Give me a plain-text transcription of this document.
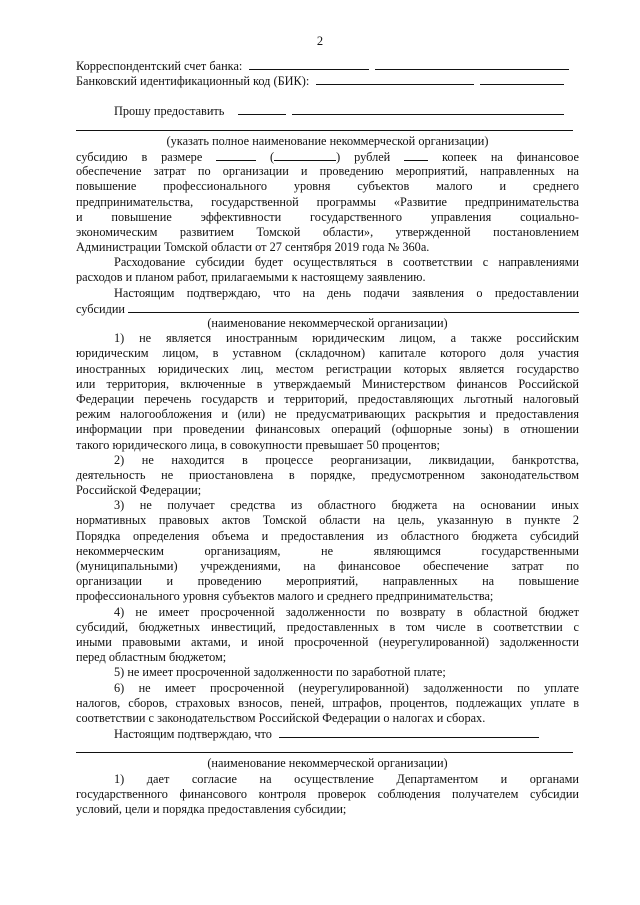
2
Корреспондентский счет банка:
Банковский идентификационный код (БИК):
Прошу предоставить
(указать полное наименование некоммерческой организации)
субсидию в размере	(	) рублей	копеек на финансовое
обеспечение затрат по организации и проведению мероприятий, направленных на
повышение профессионального уровня субъектов малого и среднего
предпринимательства, государственной программы «Развитие предпринимательства
и повышение эффективности государственного управления социально-
экономическим развитием Томской области», утвержденной постановлением
Администрации Томской области от 27 сентября 2019 года № 360а.
Расходование субсидии будет осуществляться в соответствии с направлениями
расходов и планом работ, прилагаемыми к настоящему заявлению.
Настоящим подтверждаю, что на день подачи заявления о предоставлении
субсидии
(наименование некоммерческой организации)
1) не является иностранным юридическим лицом, а также российским
юридическим лицом, в уставном (складочном) капитале которого доля участия
иностранных юридических лиц, местом регистрации которых является государство
или территория, включенные в утверждаемый Министерством финансов Российской
Федерации перечень государств и территорий, предоставляющих льготный налоговый
режим налогообложения и (или) не предусматривающих раскрытия и предоставления
информации при проведении финансовых операций (офшорные зоны) в отношении
такого юридического лица, в совокупности превышает 50 процентов;
2) не находится в процессе реорганизации, ликвидации, банкротства,
деятельность не приостановлена в порядке, предусмотренном законодательством
Российской Федерации;
3) не получает средства из областного бюджета на основании иных
нормативных правовых актов Томской области на цель, указанную в пункте 2
Порядка определения объема и предоставления из областного бюджета субсидий
некоммерческим организациям, не являющимся государственными
(муниципальными) учреждениями, на финансовое обеспечение затрат по
организации и проведению мероприятий, направленных на повышение
профессионального уровня субъектов малого и среднего предпринимательства;
4) не имеет просроченной задолженности по возврату в областной бюджет
субсидий, бюджетных инвестиций, предоставленных в том числе в соответствии с
иными правовыми актами, и иной просроченной (неурегулированной) задолженности
перед областным бюджетом;
5) не имеет просроченной задолженности по заработной плате;
6) не имеет просроченной (неурегулированной) задолженности по уплате
налогов, сборов, страховых взносов, пеней, штрафов, процентов, подлежащих уплате в
соответствии с законодательством Российской Федерации о налогах и сборах.
Настоящим подтверждаю, что
(наименование некоммерческой организации)
1) дает согласие на осуществление Департаментом и органами
государственного финансового контроля проверок соблюдения получателем субсидии
условий, цели и порядка предоставления субсидии;
